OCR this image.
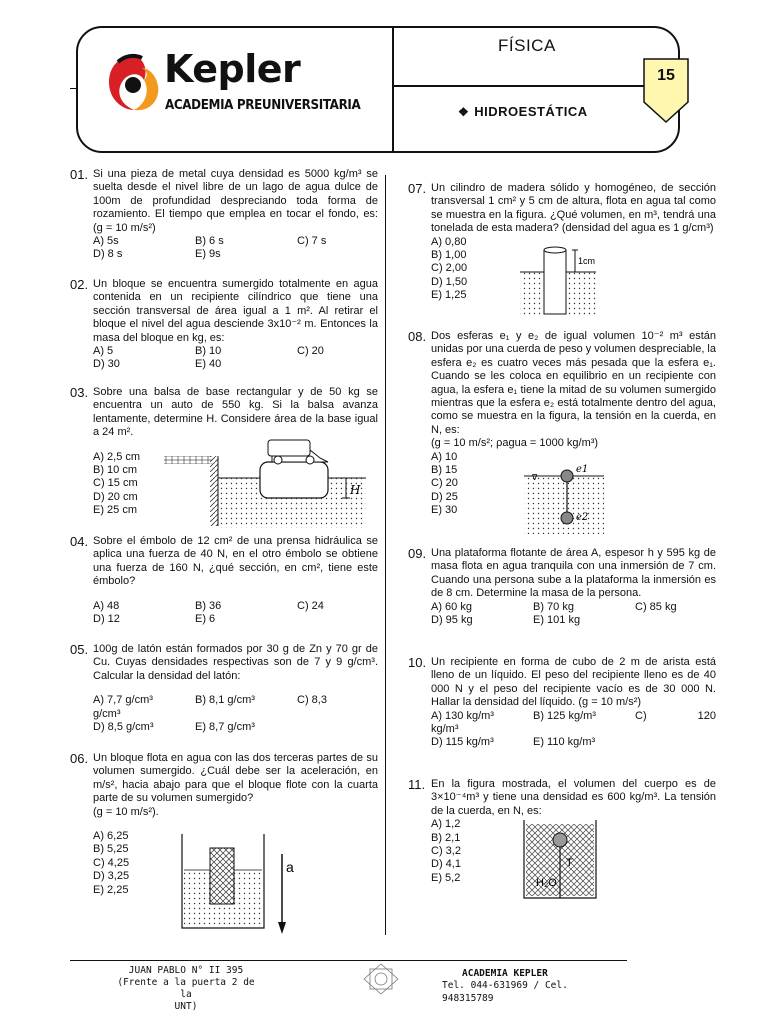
Kepler
ACADEMIA PREUNIVERSITARIA
FÍSICA
❖ HIDROESTÁTICA
15
01. Si una pieza de metal cuya densidad es 5000 kg/m³ se suelta desde el nivel libre de un lago de agua dulce de 100m de profundidad despreciando toda forma de rozamiento. El tiempo que emplea en tocar el fondo, es: (g = 10 m/s²)
A) 5s	B) 6 s	C) 7 s
D) 8 s	E) 9s
02. Un bloque se encuentra sumergido totalmente en agua contenida en un recipiente cilíndrico que tiene una sección transversal de área igual a 1 m². Al retirar el bloque el nivel del agua desciende 3x10⁻² m. Entonces la masa del bloque en kg, es:
A) 5	B) 10	C) 20
D) 30	E) 40
03. Sobre una balsa de base rectangular y de 50 kg se encuentra un auto de 550 kg. Si la balsa avanza lentamente, determine H. Considere área de la base igual a 24 m².
A) 2,5 cm
B) 10 cm
C) 15 cm
D) 20 cm
E) 25 cm
H
04. Sobre el émbolo de 12 cm² de una prensa hidráulica se aplica una fuerza de 40 N, en el otro émbolo se obtiene una fuerza de 160 N, ¿qué sección, en cm², tiene este émbolo?
A) 48	B) 36	C) 24
D) 12	E) 6
05. 100g de latón están formados por 30 g de Zn y 70 gr de Cu. Cuyas densidades respectivas son de 7 y 9 g/cm³. Calcular la densidad del latón:
A) 7,7 g/cm³	B) 8,1 g/cm³	C) 8,3
g/cm³
D) 8,5 g/cm³	E) 8,7 g/cm³
06. Un bloque flota en agua con las dos terceras partes de su volumen sumergido. ¿Cuál debe ser la aceleración, en m/s², hacia abajo para que el bloque flote con la cuarta parte de su volumen sumergido?
(g = 10 m/s²).
A) 6,25
B) 5,25
C) 4,25
D) 3,25
E) 2,25
a
07. Un cilindro de madera sólido y homogéneo, de sección transversal 1 cm² y 5 cm de altura, flota en agua tal como se muestra en la figura. ¿Qué volumen, en m³, tendrá una tonelada de esta madera? (densidad del agua es 1 g/cm³)
A) 0,80
B) 1,00
C) 2,00
D) 1,50
E) 1,25
1cm
08. Dos esferas e₁ y e₂ de igual volumen 10⁻² m³ están unidas por una cuerda de peso y volumen despreciable, la esfera e₂ es cuatro veces más pesada que la esfera e₁. Cuando se les coloca en equilibrio en un recipiente con agua, la esfera e₁ tiene la mitad de su volumen sumergido mientras que la esfera e₂ está totalmente dentro del agua, como se muestra en la figura, la tensión en la cuerda, en N, es:
(g = 10 m/s²; ρagua = 1000 kg/m³)
A) 10
B) 15
C) 20
D) 25
E) 30
∇
e1
e2
09. Una plataforma flotante de área A, espesor h y 595 kg de masa flota en agua tranquila con una inmersión de 7 cm. Cuando una persona sube a la plataforma la inmersión es de 8 cm. Determine la masa de la persona.
A) 60 kg	B) 70 kg	C) 85 kg
D) 95 kg	E) 101 kg
10. Un recipiente en forma de cubo de 2 m de arista está lleno de un líquido. El peso del recipiente lleno es de 40 000 N y el peso del recipiente vacío es de 30 000 N. Hallar la densidad del líquido. (g = 10 m/s²)
A) 130 kg/m³	B) 125 kg/m³	C)	120
kg/m³
D) 115 kg/m³	E) 110 kg/m³
11. En la figura mostrada, el volumen del cuerpo es de 3×10⁻⁴m³ y tiene una densidad es 600 kg/m³. La tensión de la cuerda, en N, es:
A) 1,2
B) 2,1
C) 3,2
D) 4,1
E) 5,2
T
H₂O
JUAN PABLO N° II 395
(Frente a la puerta 2 de la
UNT)
ACADEMIA KEPLER
Tel. 044-631969 / Cel.
948315789
